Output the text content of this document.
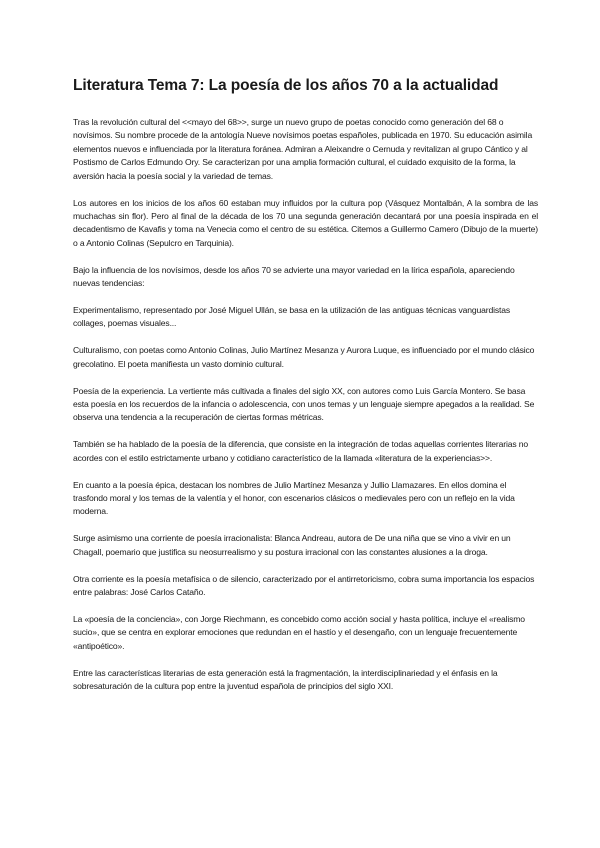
Literatura Tema 7: La poesía de los años 70 a la actualidad

Tras la revolución cultural del <<mayo del 68>>, surge un nuevo grupo de poetas conocido como generación del 68 o novísimos. Su nombre procede de la antología Nueve novísimos poetas españoles, publicada en 1970. Su educación asimila elementos nuevos e influenciada por la literatura foránea. Admiran a Aleixandre o Cernuda y revitalizan al grupo Cántico y al Postismo de Carlos Edmundo Ory. Se caracterizan por una amplia formación cultural, el cuidado exquisito de la forma, la aversión hacia la poesía social y la variedad de temas.

Los autores en los inicios de los años 60 estaban muy influidos por la cultura pop (Vásquez Montalbán, A la sombra de las muchachas sin flor). Pero al final de la década de los 70 una segunda generación decantará por una poesía inspirada en el decadentismo de Kavafis y toma na Venecia como el centro de su estética. Citemos a Guillermo Camero (Dibujo de la muerte) o a Antonio Colinas (Sepulcro en Tarquinia).

Bajo la influencia de los novísimos, desde los años 70 se advierte una mayor variedad en la lírica española, apareciendo nuevas tendencias:

Experimentalismo, representado por José Miguel Ullán, se basa en la utilización de las antiguas técnicas vanguardistas collages, poemas visuales...

Culturalismo, con poetas como Antonio Colinas, Julio Martínez Mesanza y Aurora Luque, es influenciado por el mundo clásico grecolatino. El poeta manifiesta un vasto dominio cultural.

Poesía de la experiencia. La vertiente más cultivada a finales del siglo XX, con autores como Luis García Montero. Se basa esta poesía en los recuerdos de la infancia o adolescencia, con unos temas y un lenguaje siempre apegados a la realidad. Se observa una tendencia a la recuperación de ciertas formas métricas.

También se ha hablado de la poesía de la diferencia, que consiste en la integración de todas aquellas corrientes literarias no acordes con el estilo estrictamente urbano y cotidiano característico de la llamada «literatura de la experiencias>>.

En cuanto a la poesía épica, destacan los nombres de Julio Martínez Mesanza y Jullio Llamazares. En ellos domina el trasfondo moral y los temas de la valentía y el honor, con escenarios clásicos o medievales pero con un reflejo en la vida moderna.

Surge asimismo una corriente de poesía irracionalista: Blanca Andreau, autora de De una niña que se vino a vivir en un Chagall, poemario que justifica su neosurrealismo y su postura irracional con las constantes alusiones a la droga.

Otra corriente es la poesía metafísica o de silencio, caracterizado por el antirretoricismo, cobra suma importancia los espacios entre palabras: José Carlos Cataño.

La «poesía de la conciencia», con Jorge Riechmann, es concebido como acción social y hasta política, incluye el «realismo sucio», que se centra en explorar emociones que redundan en el hastío y el desengaño, con un lenguaje frecuentemente «antipoético».

Entre las características literarias de esta generación está la fragmentación, la interdisciplinariedad y el énfasis en la sobresaturación de la cultura pop entre la juventud española de principios del siglo XXI.
